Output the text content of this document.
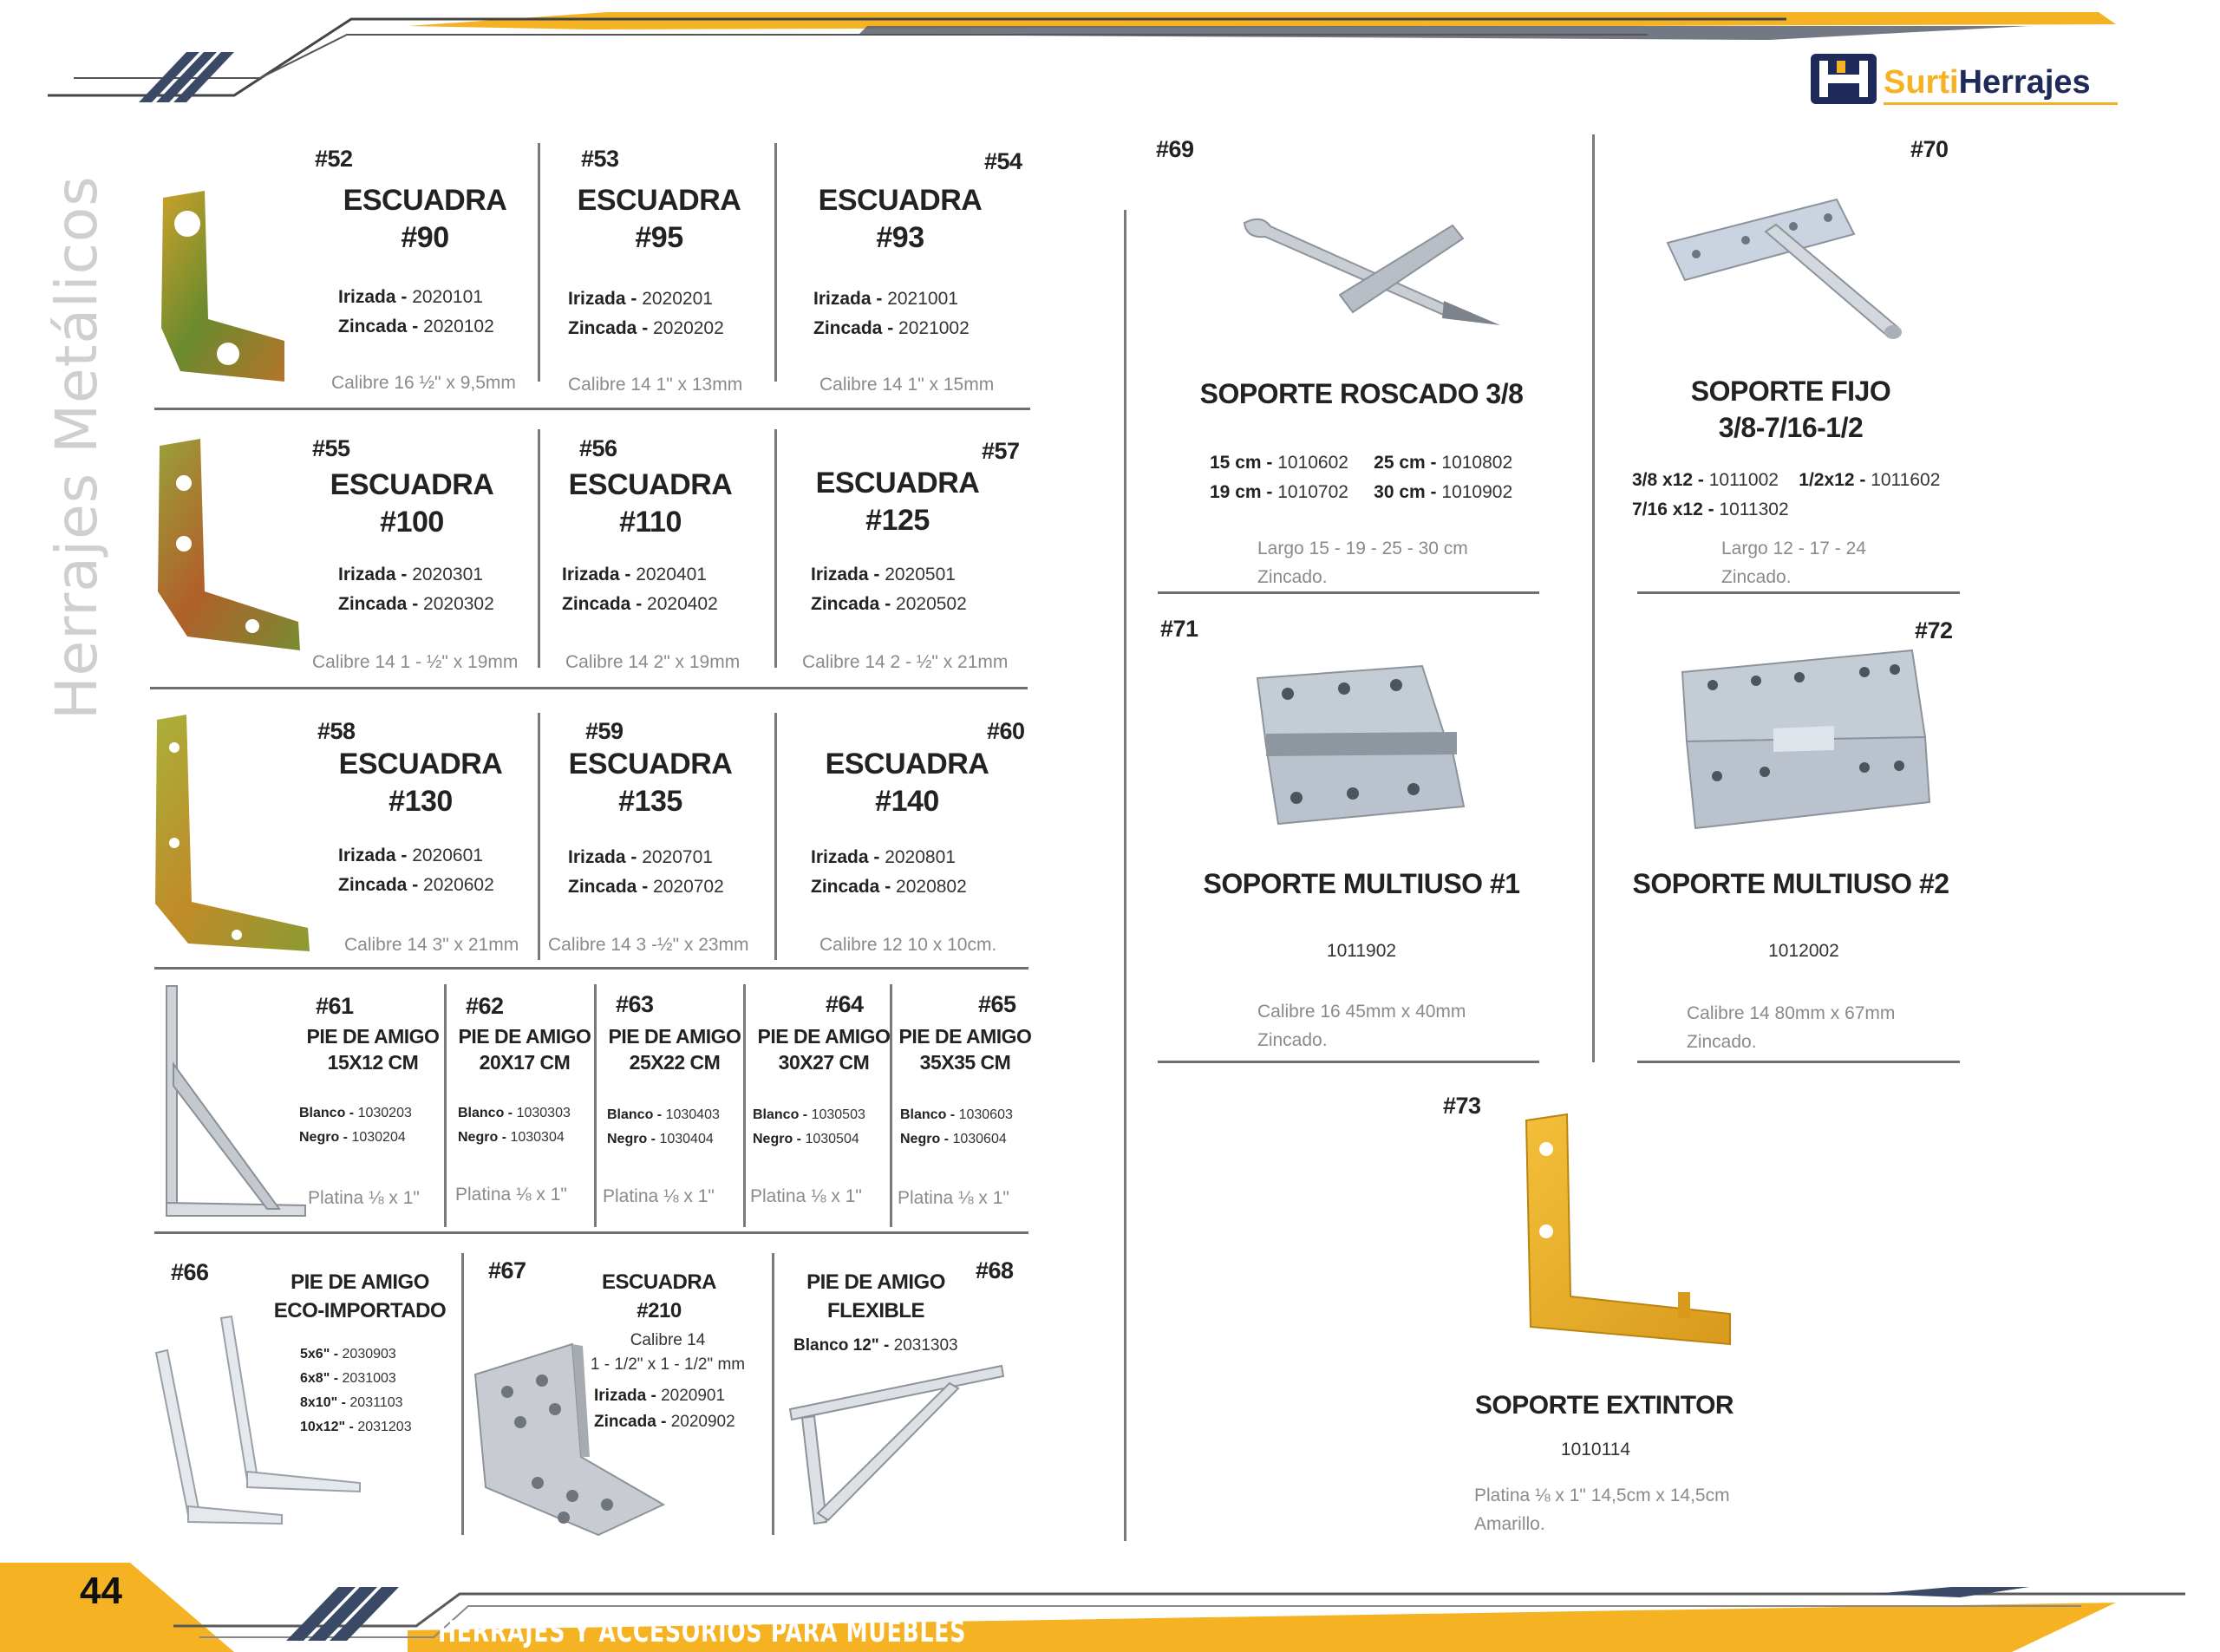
SurtiHerrajes
Herrajes Metálicos
#52
ESCUADRA
#90
Irizada - 2020101
Zincada - 2020102
Calibre 16 ½" x 9,5mm
#53
ESCUADRA
#95
Irizada - 2020201
Zincada - 2020202
Calibre 14 1" x 13mm
#54
ESCUADRA
#93
Irizada - 2021001
Zincada - 2021002
Calibre 14 1" x 15mm
#55
ESCUADRA
#100
Irizada - 2020301
Zincada - 2020302
Calibre 14 1 - ½" x 19mm
#56
ESCUADRA
#110
Irizada - 2020401
Zincada - 2020402
Calibre 14 2" x 19mm
#57
ESCUADRA
#125
Irizada - 2020501
Zincada - 2020502
Calibre 14 2 - ½" x 21mm
#58
ESCUADRA
#130
Irizada - 2020601
Zincada - 2020602
Calibre 14 3" x 21mm
#59
ESCUADRA
#135
Irizada - 2020701
Zincada - 2020702
Calibre 14 3 -½" x 23mm
#60
ESCUADRA
#140
Irizada - 2020801
Zincada - 2020802
Calibre 12 10 x 10cm.
#61
PIE DE AMIGO
15X12 CM
Blanco - 1030203
Negro - 1030204
Platina ⅛ x 1"
#62
PIE DE AMIGO
20X17 CM
Blanco - 1030303
Negro - 1030304
Platina ⅛ x 1"
#63
PIE DE AMIGO
25X22 CM
Blanco - 1030403
Negro - 1030404
Platina ⅛ x 1"
#64
PIE DE AMIGO
30X27 CM
Blanco - 1030503
Negro - 1030504
Platina ⅛ x 1"
#65
PIE DE AMIGO
35X35 CM
Blanco - 1030603
Negro - 1030604
Platina ⅛ x 1"
#66	PIE DE AMIGO
ECO-IMPORTADO
5x6" - 2030903
6x8" - 2031003
8x10" - 2031103
10x12" - 2031203
#67	ESCUADRA
#210
Calibre 14
1 - 1/2" x 1 - 1/2" mm
Irizada - 2020901
Zincada - 2020902
#68
PIE DE AMIGO
FLEXIBLE
Blanco 12" - 2031303
#69
SOPORTE ROSCADO 3/8
15 cm - 1010602 25 cm - 1010802
19 cm - 1010702 30 cm - 1010902
Largo 15 - 19 - 25 - 30 cm
Zincado.
#70
SOPORTE FIJO
3/8-7/16-1/2
3/8 x12 - 1011002 1/2x12 - 1011602
7/16 x12 - 1011302
Largo 12 - 17 - 24
Zincado.
#71
SOPORTE MULTIUSO #1
1011902
Calibre 16 45mm x 40mm
Zincado.
#72
SOPORTE MULTIUSO #2
1012002
Calibre 14 80mm x 67mm
Zincado.
#73
SOPORTE EXTINTOR
1010114
Platina ⅛ x 1" 14,5cm x 14,5cm
Amarillo.
44
HERRAJES Y ACCESORIOS PARA MUEBLES
